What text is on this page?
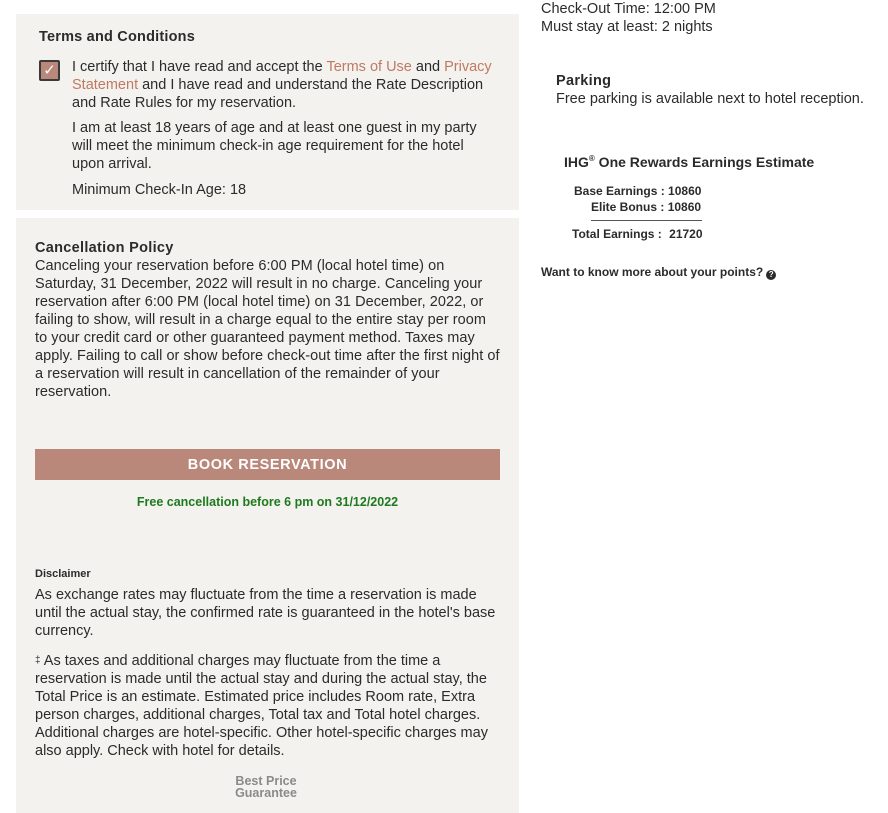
Terms and Conditions
✓ I certify that I have read and accept the Terms of Use and Privacy Statement and I have read and understand the Rate Description and Rate Rules for my reservation.
I am at least 18 years of age and at least one guest in my party will meet the minimum check-in age requirement for the hotel upon arrival.
Minimum Check-In Age: 18
Cancellation Policy
Canceling your reservation before 6:00 PM (local hotel time) on Saturday, 31 December, 2022 will result in no charge. Canceling your reservation after 6:00 PM (local hotel time) on 31 December, 2022, or failing to show, will result in a charge equal to the entire stay per room to your credit card or other guaranteed payment method. Taxes may apply. Failing to call or show before check-out time after the first night of a reservation will result in cancellation of the remainder of your reservation.
BOOK RESERVATION
Free cancellation before 6 pm on 31/12/2022
Disclaimer
As exchange rates may fluctuate from the time a reservation is made until the actual stay, the confirmed rate is guaranteed in the hotel's base currency.
‡ As taxes and additional charges may fluctuate from the time a reservation is made until the actual stay and during the actual stay, the Total Price is an estimate. Estimated price includes Room rate, Extra person charges, additional charges, Total tax and Total hotel charges. Additional charges are hotel-specific. Other hotel-specific charges may also apply. Check with hotel for details.
Best Price
Guarantee
Check-Out Time: 12:00 PM
Must stay at least: 2 nights
Parking
Free parking is available next to hotel reception.
IHG® One Rewards Earnings Estimate
Base Earnings : 10860
Elite Bonus : 10860
Total Earnings : 21720
Want to know more about your points? ?
